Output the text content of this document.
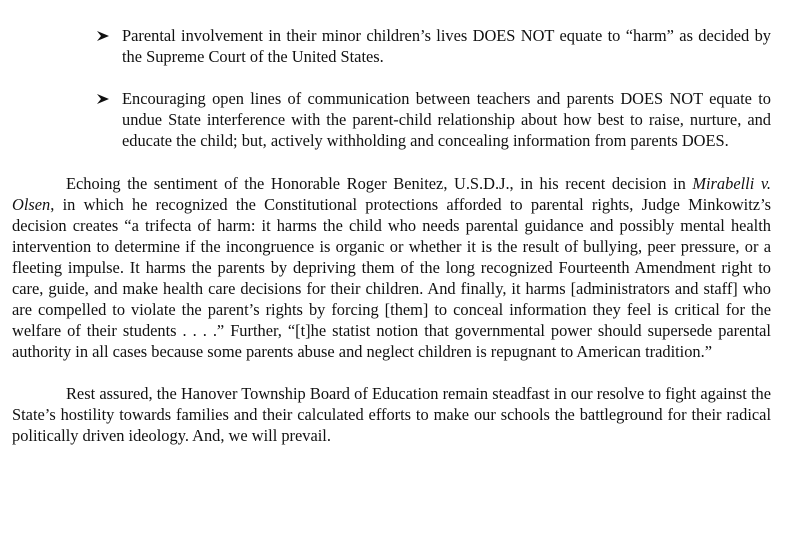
Parental involvement in their minor children’s lives DOES NOT equate to “harm” as decided by the Supreme Court of the United States.
Encouraging open lines of communication between teachers and parents DOES NOT equate to undue State interference with the parent-child relationship about how best to raise, nurture, and educate the child; but, actively withholding and concealing information from parents DOES.

Echoing the sentiment of the Honorable Roger Benitez, U.S.D.J., in his recent decision in Mirabelli v. Olsen, in which he recognized the Constitutional protections afforded to parental rights, Judge Minkowitz’s decision creates “a trifecta of harm: it harms the child who needs parental guidance and possibly mental health intervention to determine if the incongruence is organic or whether it is the result of bullying, peer pressure, or a fleeting impulse. It harms the parents by depriving them of the long recognized Fourteenth Amendment right to care, guide, and make health care decisions for their children. And finally, it harms [administrators and staff] who are compelled to violate the parent’s rights by forcing [them] to conceal information they feel is critical for the welfare of their students . . . .” Further, “[t]he statist notion that governmental power should supersede parental authority in all cases because some parents abuse and neglect children is repugnant to American tradition.”

Rest assured, the Hanover Township Board of Education remain steadfast in our resolve to fight against the State’s hostility towards families and their calculated efforts to make our schools the battleground for their radical politically driven ideology. And, we will prevail.
